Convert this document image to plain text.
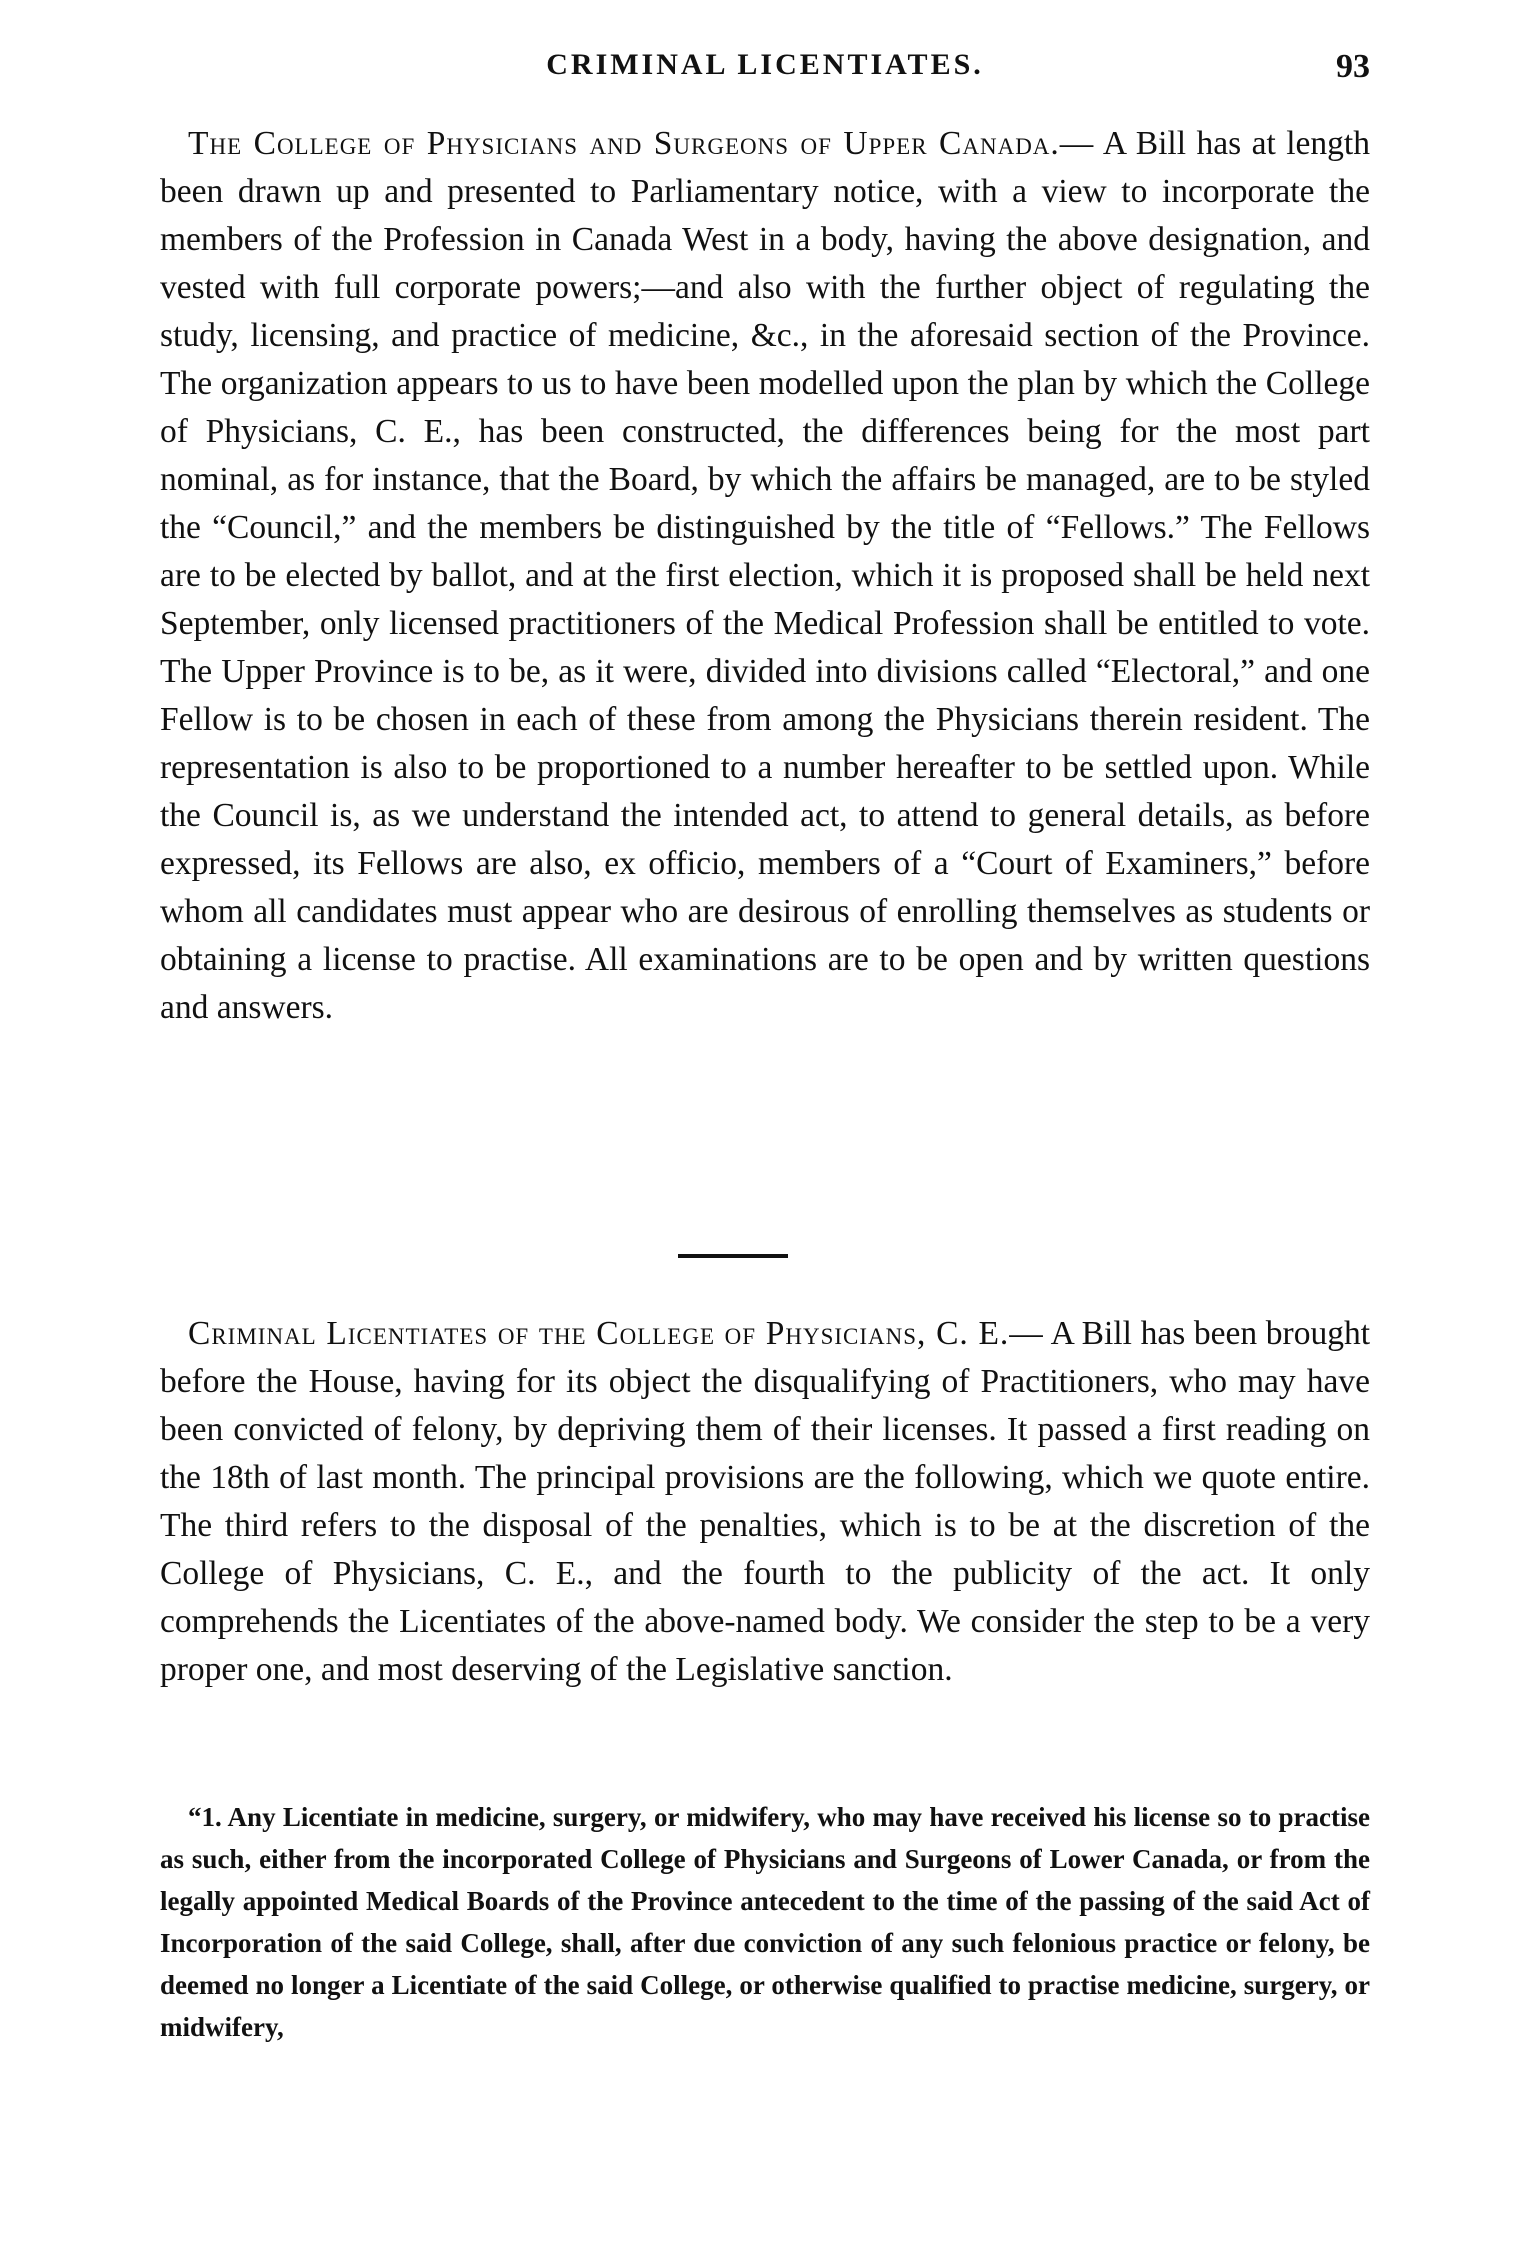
CRIMINAL LICENTIATES.	93

The College of Physicians and Surgeons of Upper Canada.— A Bill has at length been drawn up and presented to Parliamentary notice, with a view to incorporate the members of the Profession in Canada West in a body, having the above designation, and vested with full corporate powers;—and also with the further object of regulating the study, licensing, and practice of medicine, &c., in the aforesaid section of the Province. The organization appears to us to have been modelled upon the plan by which the College of Physicians, C. E., has been constructed, the differences being for the most part nominal, as for instance, that the Board, by which the affairs be managed, are to be styled the “Council,” and the members be distinguished by the title of “Fellows.” The Fellows are to be elected by ballot, and at the first election, which it is proposed shall be held next September, only licensed practitioners of the Medical Profession shall be entitled to vote. The Upper Province is to be, as it were, divided into divisions called “Electoral,” and one Fellow is to be chosen in each of these from among the Physicians therein resident. The representation is also to be proportioned to a number hereafter to be settled upon. While the Council is, as we understand the intended act, to attend to general details, as before expressed, its Fellows are also, ex officio, members of a “Court of Examiners,” before whom all candidates must appear who are desirous of enrolling themselves as students or obtaining a license to practise. All examinations are to be open and by written questions and answers.

Criminal Licentiates of the College of Physicians, C. E.— A Bill has been brought before the House, having for its object the disqualifying of Practitioners, who may have been convicted of felony, by depriving them of their licenses. It passed a first reading on the 18th of last month. The principal provisions are the following, which we quote entire. The third refers to the disposal of the penalties, which is to be at the discretion of the College of Physicians, C. E., and the fourth to the publicity of the act. It only comprehends the Licentiates of the above-named body. We consider the step to be a very proper one, and most deserving of the Legislative sanction.

“1. Any Licentiate in medicine, surgery, or midwifery, who may have received his license so to practise as such, either from the incorporated College of Physicians and Surgeons of Lower Canada, or from the legally appointed Medical Boards of the Province antecedent to the time of the passing of the said Act of Incorporation of the said College, shall, after due conviction of any such felonious practice or felony, be deemed no longer a Licentiate of the said College, or otherwise qualified to practise medicine, surgery, or midwifery,
